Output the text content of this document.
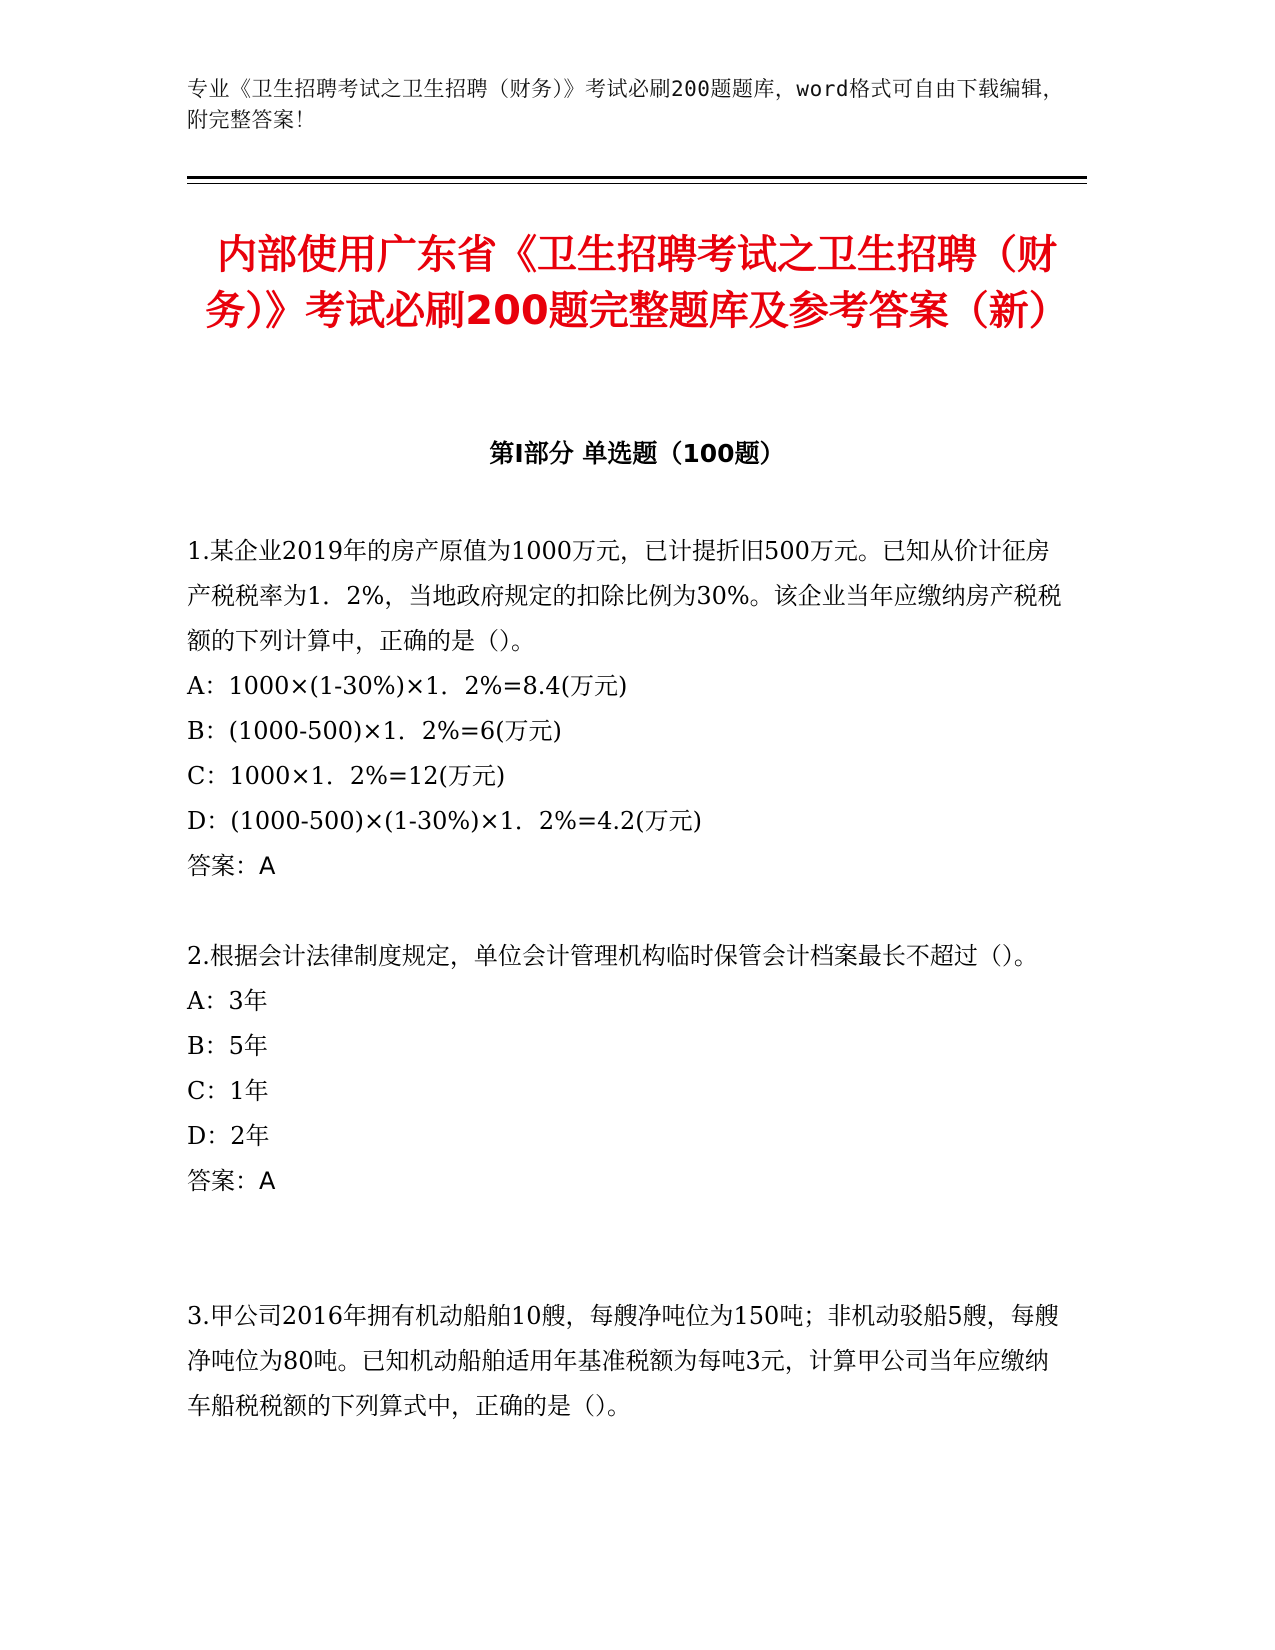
专业《卫生招聘考试之卫生招聘（财务）》考试必刷200题题库，word格式可自由下载编辑，附完整答案！
内部使用广东省《卫生招聘考试之卫生招聘（财务）》考试必刷200题完整题库及参考答案（新）
第Ⅰ部分 单选题（100题）

1.某企业2019年的房产原值为1000万元，已计提折旧500万元。已知从价计征房产税税率为1．2%，当地政府规定的扣除比例为30%。该企业当年应缴纳房产税税额的下列计算中，正确的是（）。

A：1000×(1-30%)×1．2%=8.4(万元)

B：(1000-500)×1．2%=6(万元)

C：1000×1．2%=12(万元)

D：(1000-500)×(1-30%)×1．2%=4.2(万元)

答案：A

2.根据会计法律制度规定，单位会计管理机构临时保管会计档案最长不超过（）。

A：3年

B：5年

C：1年

D：2年

答案：A

3.甲公司2016年拥有机动船舶10艘，每艘净吨位为150吨；非机动驳船5艘，每艘净吨位为80吨。已知机动船舶适用年基准税额为每吨3元，计算甲公司当年应缴纳车船税税额的下列算式中，正确的是（）。
